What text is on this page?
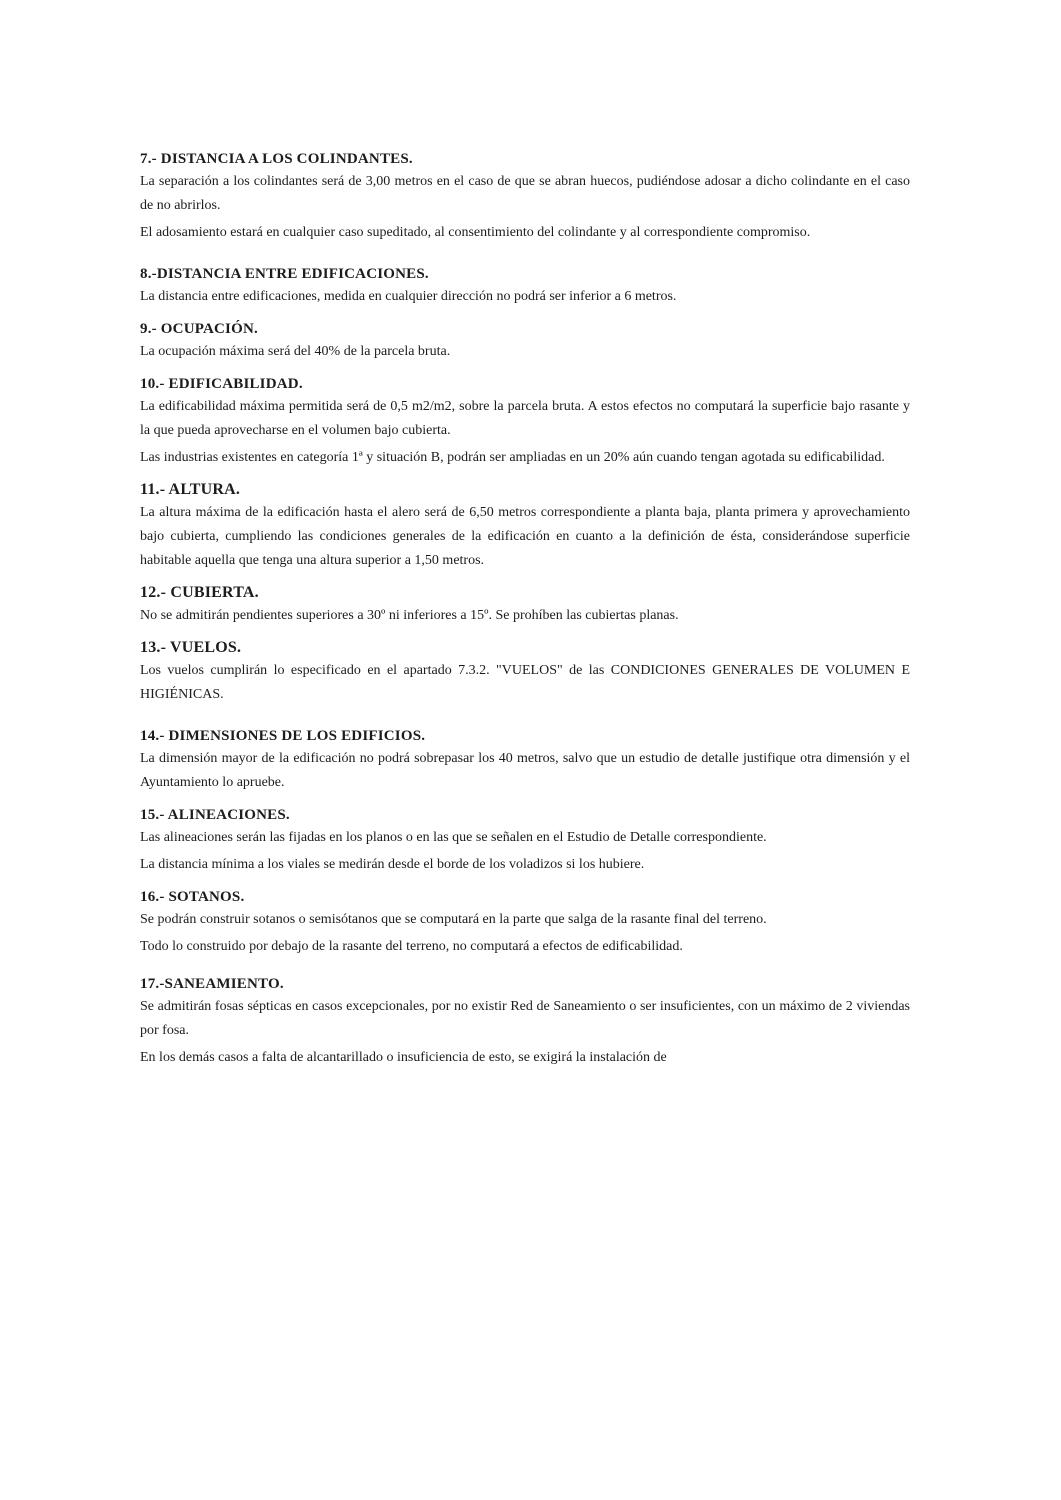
7.- DISTANCIA A LOS COLINDANTES.

La separación a los colindantes será de 3,00 metros en el caso de que se abran huecos, pudiéndose adosar a dicho colindante en el caso de no abrirlos.

El adosamiento estará en cualquier caso supeditado, al consentimiento del colindante y al correspondiente compromiso.

8.-DISTANCIA ENTRE EDIFICACIONES.

La distancia entre edificaciones, medida en cualquier dirección no podrá ser inferior a 6 metros.

9.- OCUPACIÓN.

La ocupación máxima será del 40% de la parcela bruta.

10.- EDIFICABILIDAD.

La edificabilidad máxima permitida será de 0,5 m2/m2, sobre la parcela bruta. A estos efectos no computará la superficie bajo rasante y la que pueda aprovecharse en el volumen bajo cubierta.

Las industrias existentes en categoría 1ª y situación B, podrán ser ampliadas en un 20% aún cuando tengan agotada su edificabilidad.

11.- ALTURA.

La altura máxima de la edificación hasta el alero será de 6,50 metros correspondiente a planta baja, planta primera y aprovechamiento bajo cubierta, cumpliendo las condiciones generales de la edificación en cuanto a la definición de ésta, considerándose superficie habitable aquella que tenga una altura superior a 1,50 metros.

12.- CUBIERTA.

No se admitirán pendientes superiores a 30º ni inferiores a 15º. Se prohíben las cubiertas planas.

13.- VUELOS.

Los vuelos cumplirán lo especificado en el apartado 7.3.2. "VUELOS" de las CONDICIONES GENERALES DE VOLUMEN E HIGIÉNICAS.

14.- DIMENSIONES DE LOS EDIFICIOS.

La dimensión mayor de la edificación no podrá sobrepasar los 40 metros, salvo que un estudio de detalle justifique otra dimensión y el Ayuntamiento lo apruebe.

15.- ALINEACIONES.

Las alineaciones serán las fijadas en los planos o en las que se señalen en el Estudio de Detalle correspondiente.

La distancia mínima a los viales se medirán desde el borde de los voladizos si los hubiere.

16.- SOTANOS.

Se podrán construir sotanos o semisótanos que se computará en la parte que salga de la rasante final del terreno.

Todo lo construido por debajo de la rasante del terreno, no computará a efectos de edificabilidad.

17.-SANEAMIENTO.

Se admitirán fosas sépticas en casos excepcionales, por no existir Red de Saneamiento o ser insuficientes, con un máximo de 2 viviendas por fosa.

En los demás casos a falta de alcantarillado o insuficiencia de esto, se exigirá la instalación de
